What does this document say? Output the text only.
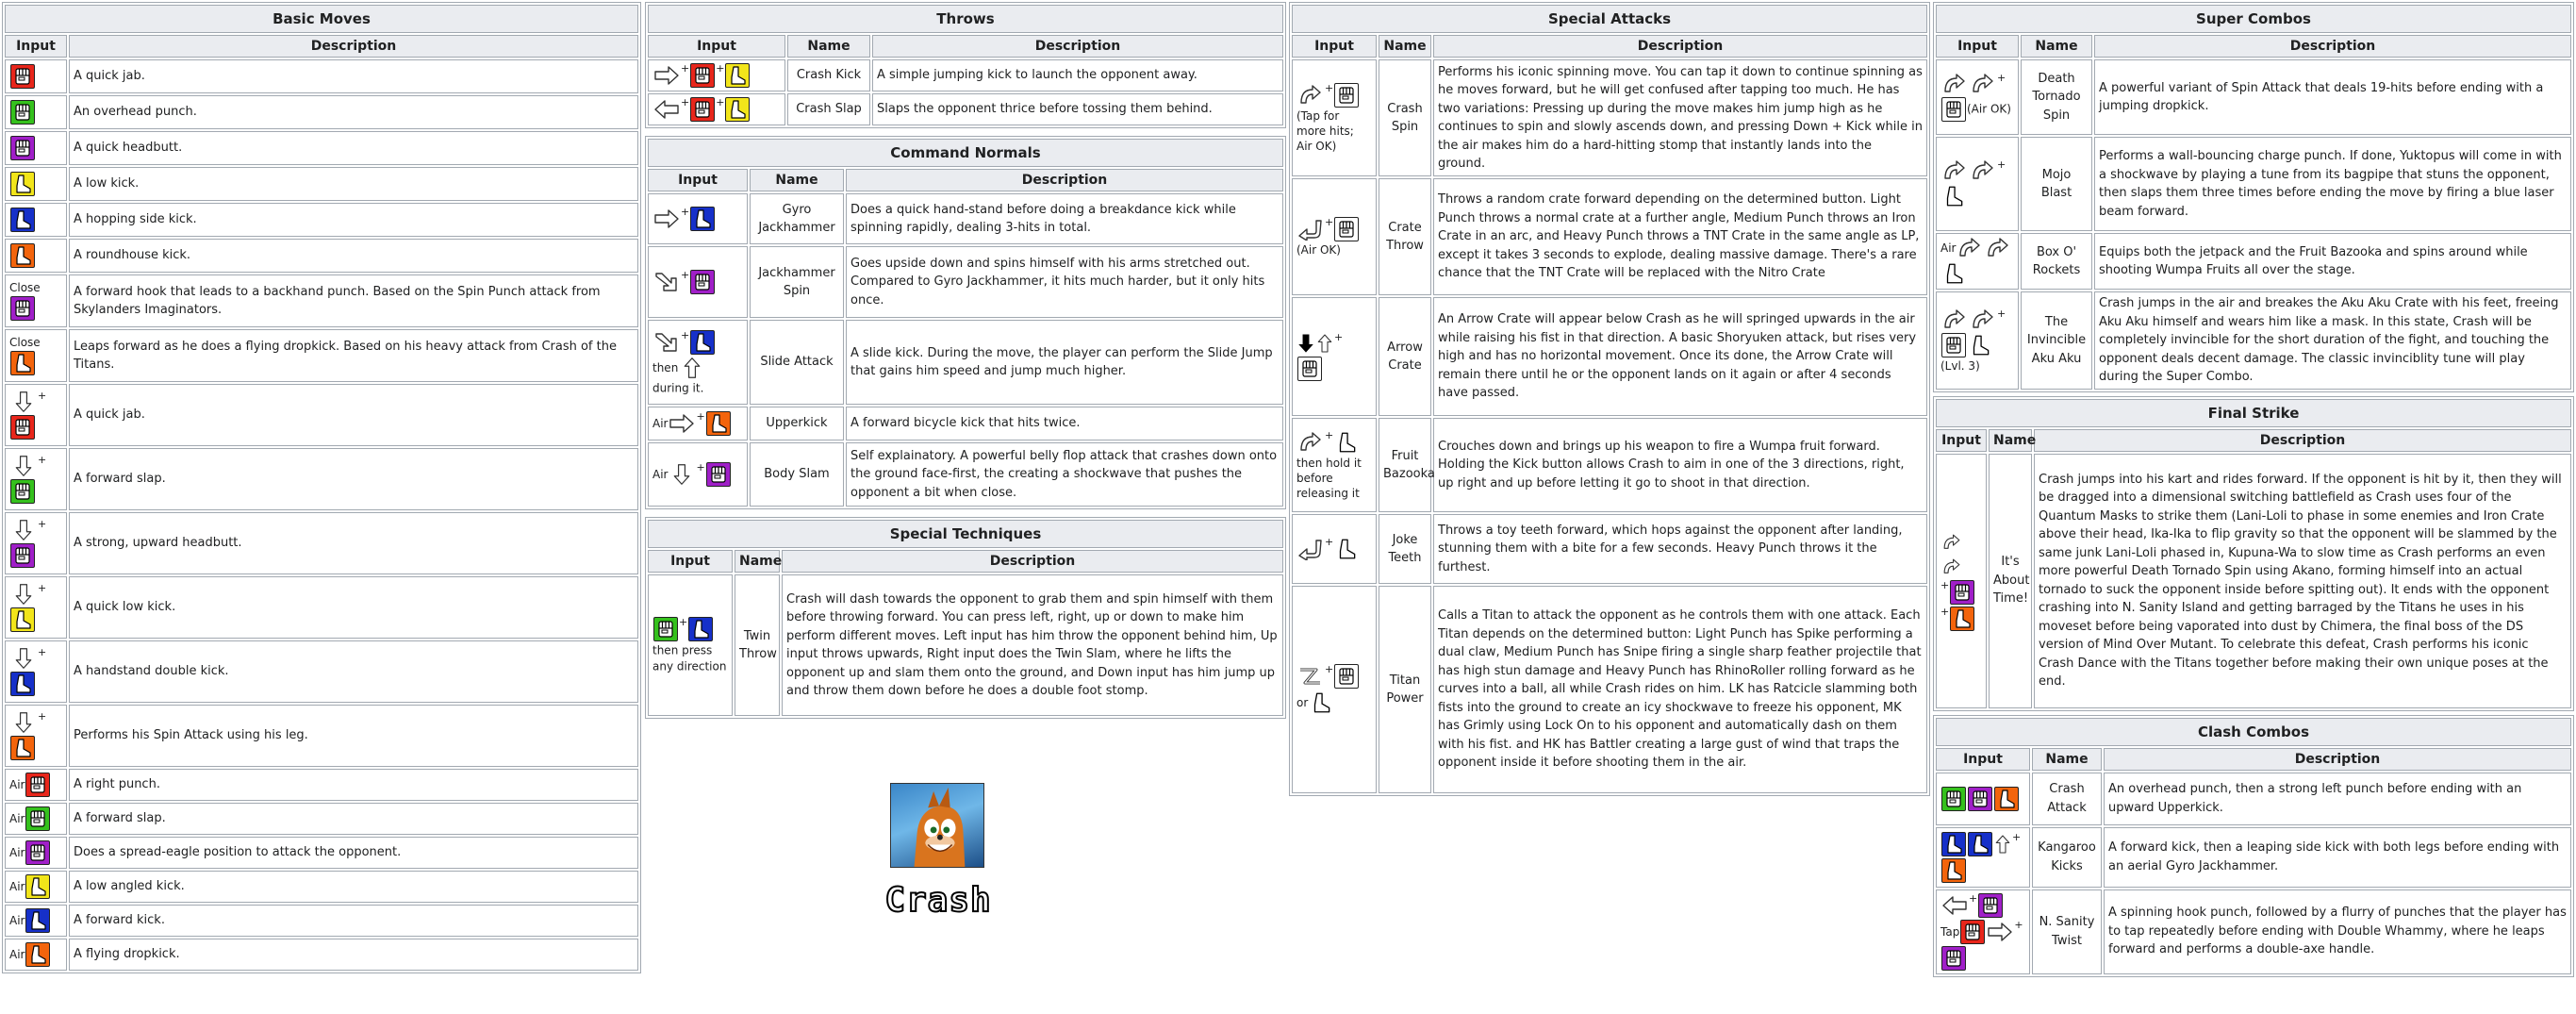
Basic Moves	
Input	Description

	A quick jab.

	An overhead punch.

	A quick headbutt.

	A low kick.

	A hopping side kick.

	A roundhouse kick.
Close	A forward hook that leads to a backhand punch. Based on the Spin Punch attack from Skylanders Imaginators.
Close	Leaps forward as he does a flying dropkick. Based on his heavy attack from Crash of the Titans.

+	A quick jab.

+	A forward slap.

+	A strong, upward headbutt.

+	A quick low kick.

+	A handstand double kick.

+	Performs his Spin Attack using his leg.
Air	A right punch.
Air	A forward slap.
Air	Does a spread-eagle position to attack the opponent.
Air	A low angled kick.
Air	A forward kick.
Air	A flying dropkick.
Throws		
Input	Name	Description

+ +	Crash Kick	A simple jumping kick to launch the opponent away.

+ +	Crash Slap	Slaps the opponent thrice before tossing them behind.
Command Normals		
Input	Name	Description

+	Gyro Jackhammer	Does a quick hand-stand before doing a breakdance kick while spinning rapidly, dealing 3-hits in total.

+	Jackhammer Spin	Goes upside down and spins himself with his arms stretched out. Compared to Gyro Jackhammer, it hits much harder, but it only hits once.

+

then
during it.	Slide Attack	A slide kick. During the move, the player can perform the Slide Jump that gains him speed and jump much higher.
Air
+	Upperkick	A forward bicycle kick that hits twice.
Air
+	Body Slam	Self explainatory. A powerful belly flop attack that crashes down onto the ground face-first, the creating a shockwave that pushes the opponent a bit when close.
Special Techniques		
Input	Name	Description

+

then press any direction	Twin Throw	Crash will dash towards the opponent to grab them and spin himself with them before throwing forward. You can press left, right, up or down to make him perform different moves. Left input has him throw the opponent behind him, Up input throws upwards, Right input does the Twin Slam, where he lifts the opponent up and slam them onto the ground, and Down input has him jump up and throw them down before he does a double foot stomp.
Crash
Special Attacks		
Input	Name	Description

+

(Tap for more hits; Air OK)	Crash Spin	Performs his iconic spinning move. You can tap it down to continue spinning as he moves forward, but he will get confused after tapping too much. He has two variations: Pressing up during the move makes him jump high as he continues to spin and slowly ascends down, and pressing Down + Kick while in the air makes him do a hard-hitting stomp that instantly lands into the ground.

+

(Air OK)	Crate Throw	Throws a random crate forward depending on the determined button. Light Punch throws a normal crate at a further angle, Medium Punch throws an Iron Crate in an arc, and Heavy Punch throws a TNT Crate in the same angle as LP, except it takes 3 seconds to explode, dealing massive damage. There's a rare chance that the TNT Crate will be replaced with the Nitro Crate

+	Arrow Crate	An Arrow Crate will appear below Crash as he will springed upwards in the air while raising his fist in that direction. A basic Shoryuken attack, but rises very high and has no horizontal movement. Once its done, the Arrow Crate will remain there until he or the opponent lands on it again or after 4 seconds have passed.

+

then hold it before releasing it	Fruit Bazooka	Crouches down and brings up his weapon to fire a Wumpa fruit forward. Holding the Kick button allows Crash to aim in one of the 3 directions, right, up right and up before letting it go to shoot in that direction.

+	Joke Teeth	Throws a toy teeth forward, which hops against the opponent after landing, stunning them with a bite for a few seconds. Heavy Punch throws it the furthest.

+

or	Titan Power	Calls a Titan to attack the opponent as he controls them with one attack. Each Titan depends on the determined button: Light Punch has Spike performing a dual claw, Medium Punch has Snipe firing a single sharp feather projectile that has high stun damage and Heavy Punch has RhinoRoller rolling forward as he curves into a ball, all while Crash rides on him. LK has Ratcicle slamming both fists into the ground to create an icy shockwave to freeze his opponent, MK has Grimly using Lock On to his opponent and automatically dash on them with his fist. and HK has Battler creating a large gust of wind that traps the opponent inside it before shooting them in the air.
Super Combos		
Input	Name	Description

+

(Air OK)	Death Tornado Spin	A powerful variant of Spin Attack that deals 19-hits before ending with a jumping dropkick.

+	Mojo Blast	Performs a wall-bouncing charge punch. If done, Yuktopus will come in with a shockwave by playing a tune from its bagpipe that stuns the opponent, then slaps them three times before ending the move by firing a blue laser beam forward.
Air	Box O' Rockets	Equips both the jetpack and the Fruit Bazooka and spins around while shooting Wumpa Fruits all over the stage.

+

(Lvl. 3)	The Invincible Aku Aku	Crash jumps in the air and breakes the Aku Aku Crate with his feet, freeing Aku Aku himself and wears him like a mask. In this state, Crash will be completely invincible for the short duration of the fight, and touching the opponent deals decent damage. The classic invinciblity tune will play during the Super Combo.
Final Strike		
Input	Name	Description

+

+	It's About Time!	Crash jumps into his kart and rides forward. If the opponent is hit by it, then they will be dragged into a dimensional switching battlefield as Crash uses four of the Quantum Masks to strike them (Lani-Loli to phase in some enemies and Iron Crate above their head, Ika-Ika to flip gravity so that the opponent will be slammed by the same junk Lani-Loli phased in, Kupuna-Wa to slow time as Crash performs an even more powerful Death Tornado Spin using Akano, forming himself into an actual tornado to suck the opponent inside before spitting out). It ends with the opponent crashing into N. Sanity Island and getting barraged by the Titans he uses in his moveset before being vaporated into dust by Chimera, the final boss of the DS version of Mind Over Mutant. To celebrate this defeat, Crash performs his iconic Crash Dance with the Titans together before making their own unique poses at the end.
Clash Combos		
Input	Name	Description

	Crash Attack	An overhead punch, then a strong left punch before ending with an upward Upperkick.

+	Kangaroo Kicks	A forward kick, then a leaping side kick with both legs before ending with an aerial Gyro Jackhammer.

+

Tap
+	N. Sanity Twist	A spinning hook punch, followed by a flurry of punches that the player has to tap repeatedly before ending with Double Whammy, where he leaps forward and performs a double-axe handle.
